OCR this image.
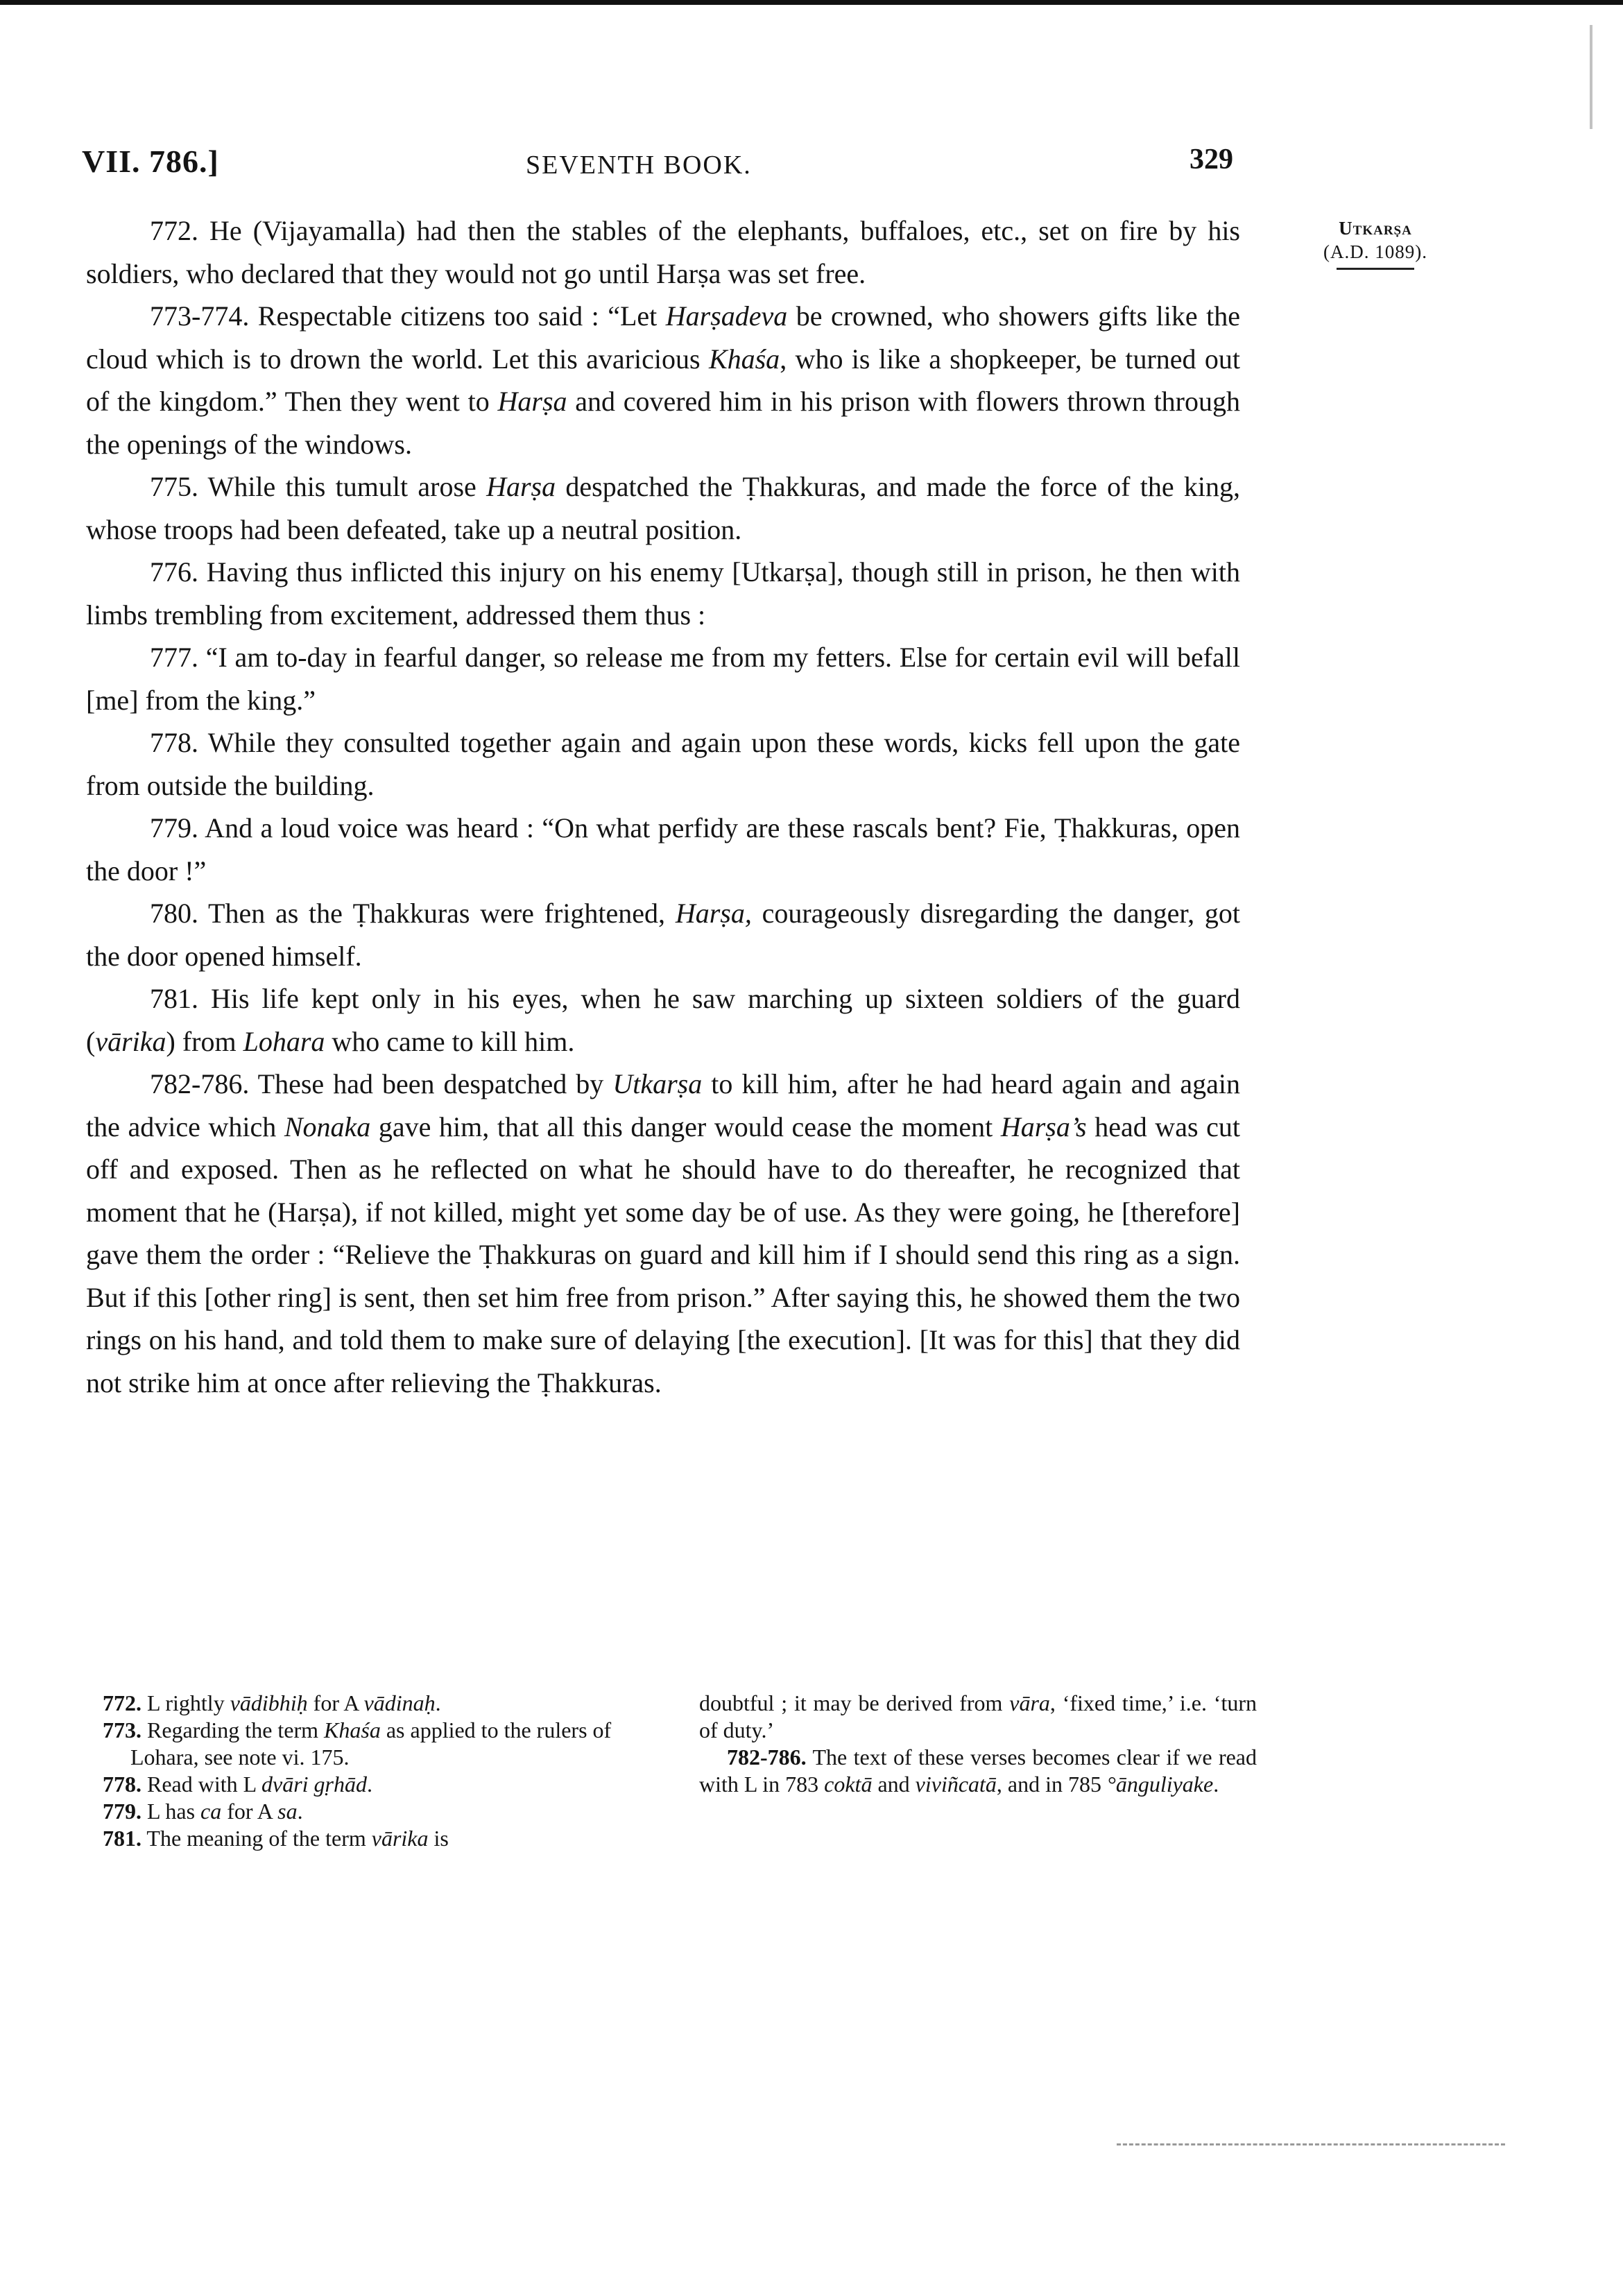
VII. 786.]	SEVENTH BOOK.	329
Utkarṣa
(A.D. 1089).

772. He (Vijayamalla) had then the stables of the elephants, buffaloes, etc., set on fire by his soldiers, who declared that they would not go until Harṣa was set free.

773-774. Respectable citizens too said : “Let Harṣadeva be crowned, who showers gifts like the cloud which is to drown the world. Let this avaricious Khaśa, who is like a shopkeeper, be turned out of the kingdom.” Then they went to Harṣa and covered him in his prison with flowers thrown through the openings of the windows.

775. While this tumult arose Harṣa despatched the Ṭhakkuras, and made the force of the king, whose troops had been defeated, take up a neutral position.

776. Having thus inflicted this injury on his enemy [Utkarṣa], though still in prison, he then with limbs trembling from excitement, addressed them thus :

777. “I am to-day in fearful danger, so release me from my fetters. Else for certain evil will befall [me] from the king.”

778. While they consulted together again and again upon these words, kicks fell upon the gate from outside the building.

779. And a loud voice was heard : “On what perfidy are these rascals bent? Fie, Ṭhakkuras, open the door !”

780. Then as the Ṭhakkuras were frightened, Harṣa, courageously disregarding the danger, got the door opened himself.

781. His life kept only in his eyes, when he saw marching up sixteen soldiers of the guard (vārika) from Lohara who came to kill him.

782-786. These had been despatched by Utkarṣa to kill him, after he had heard again and again the advice which Nonaka gave him, that all this danger would cease the moment Harṣa’s head was cut off and exposed. Then as he reflected on what he should have to do thereafter, he recognized that moment that he (Harṣa), if not killed, might yet some day be of use. As they were going, he [therefore] gave them the order : “Relieve the Ṭhakkuras on guard and kill him if I should send this ring as a sign. But if this [other ring] is sent, then set him free from prison.” After saying this, he showed them the two rings on his hand, and told them to make sure of delaying [the execution]. [It was for this] that they did not strike him at once after relieving the Ṭhakkuras.

772. L rightly vādibhiḥ for A vādinaḥ.

773. Regarding the term Khaśa as applied to the rulers of Lohara, see note vi. 175.

778. Read with L dvāri gṛhād.

779. L has ca for A sa.

781. The meaning of the term vārika is

doubtful ; it may be derived from vāra, ‘fixed time,’ i.e. ‘turn of duty.’

782-786. The text of these verses becomes clear if we read with L in 783 coktā and viviñcatā, and in 785 °ānguliyake.
